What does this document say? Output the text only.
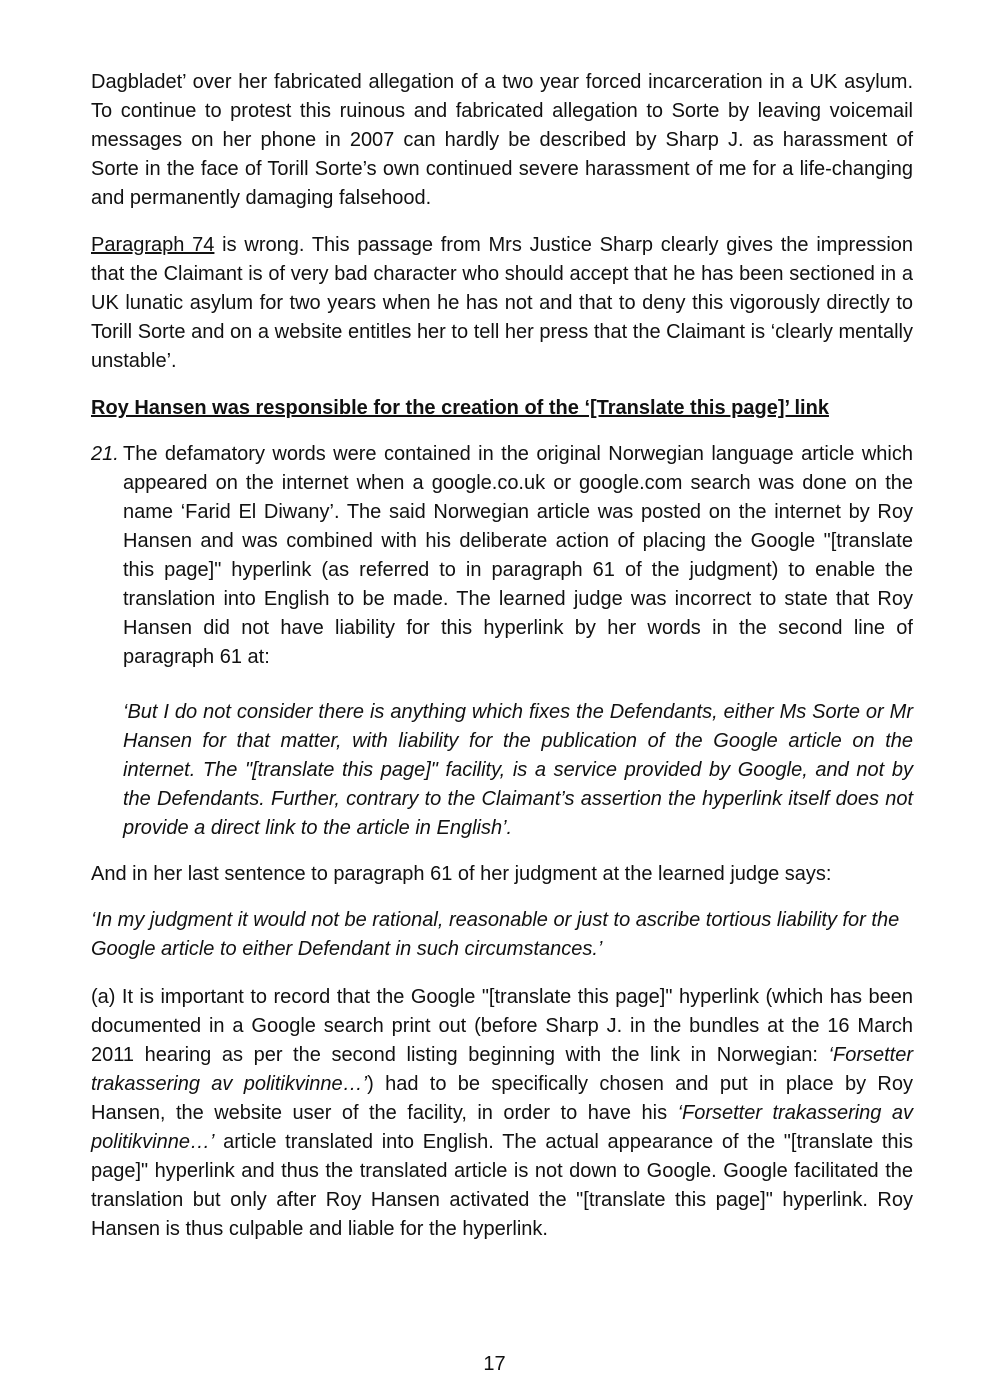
Dagbladet’ over her fabricated allegation of a two year forced incarceration in a UK asylum. To continue to protest this ruinous and fabricated allegation to Sorte by leaving voicemail messages on her phone in 2007 can hardly be described by Sharp J. as harassment of Sorte in the face of Torill Sorte’s own continued severe harassment of me for a life-changing and permanently damaging falsehood.

Paragraph 74 is wrong. This passage from Mrs Justice Sharp clearly gives the impression that the Claimant is of very bad character who should accept that he has been sectioned in a UK lunatic asylum for two years when he has not and that to deny this vigorously directly to Torill Sorte and on a website entitles her to tell her press that the Claimant is ‘clearly mentally unstable’.

Roy Hansen was responsible for the creation of the ‘[Translate this page]’ link

21. The defamatory words were contained in the original Norwegian language article which appeared on the internet when a google.co.uk or google.com search was done on the name ‘Farid El Diwany’. The said Norwegian article was posted on the internet by Roy Hansen and was combined with his deliberate action of placing the Google "[translate this page]" hyperlink (as referred to in paragraph 61 of the judgment) to enable the translation into English to be made. The learned judge was incorrect to state that Roy Hansen did not have liability for this hyperlink by her words in the second line of paragraph 61 at:

‘But I do not consider there is anything which fixes the Defendants, either Ms Sorte or Mr Hansen for that matter, with liability for the publication of the Google article on the internet. The "[translate this page]" facility, is a service provided by Google, and not by the Defendants. Further, contrary to the Claimant’s assertion the hyperlink itself does not provide a direct link to the article in English’.

And in her last sentence to paragraph 61 of her judgment at the learned judge says:

‘In my judgment it would not be rational, reasonable or just to ascribe tortious liability for the Google article to either Defendant in such circumstances.’

(a) It is important to record that the Google "[translate this page]" hyperlink (which has been documented in a Google search print out (before Sharp J. in the bundles at the 16 March 2011 hearing as per the second listing beginning with the link in Norwegian: ‘Forsetter trakassering av politikvinne…’) had to be specifically chosen and put in place by Roy Hansen, the website user of the facility, in order to have his ‘Forsetter trakassering av politikvinne…’ article translated into English. The actual appearance of the "[translate this page]" hyperlink and thus the translated article is not down to Google. Google facilitated the translation but only after Roy Hansen activated the "[translate this page]" hyperlink. Roy Hansen is thus culpable and liable for the hyperlink.

17
